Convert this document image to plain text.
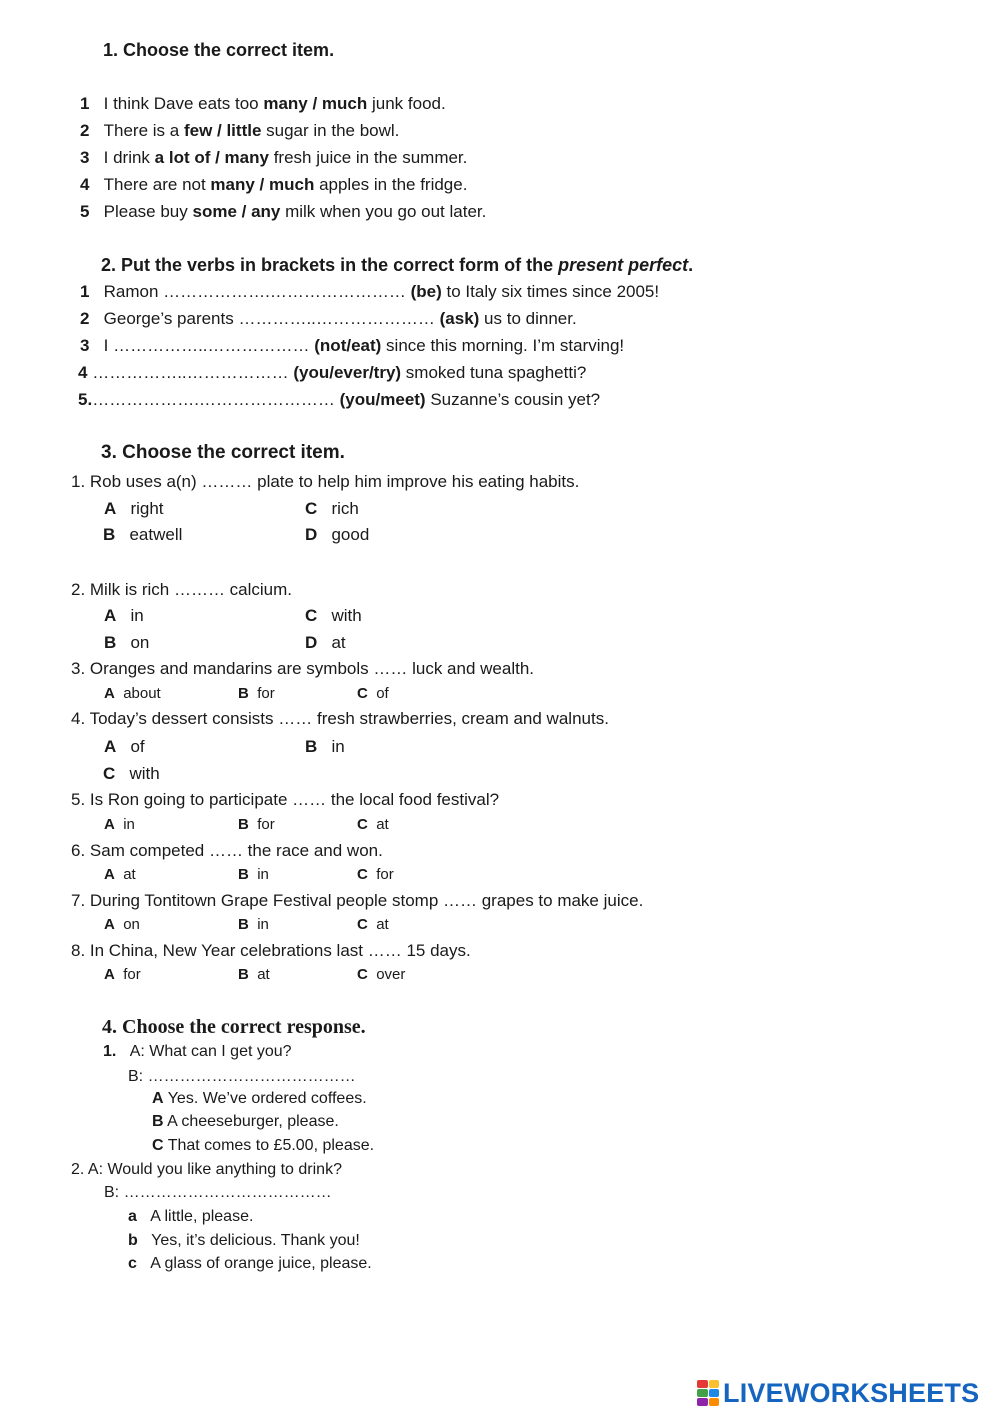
1. Choose the correct item.
1 I think Dave eats too many / much junk food.
2 There is a few / little sugar in the bowl.
3 I drink a lot of / many fresh juice in the summer.
4 There are not many / much apples in the fridge.
5 Please buy some / any milk when you go out later.
2. Put the verbs in brackets in the correct form of the present perfect.
1 Ramon ……………….…………………… (be) to Italy six times since 2005!
2 George’s parents …………..………………… (ask) us to dinner.
3 I ……………..……………… (not/eat) since this morning. I’m starving!
4 ……………..……………… (you/ever/try) smoked tuna spaghetti?
5.……………….…………………… (you/meet) Suzanne’s cousin yet?
3. Choose the correct item.
1. Rob uses a(n) ……… plate to help him improve his eating habits.
A right	C rich
B eatwell	D good
2. Milk is rich ……… calcium.
A in	C with
B on	D at
3. Oranges and mandarins are symbols …… luck and wealth.
A about	B for	C of
4. Today’s dessert consists …… fresh strawberries, cream and walnuts.
A of	B in
C with
5. Is Ron going to participate …… the local food festival?
A in	B for	C at
6. Sam competed …… the race and won.
A at	B in	C for
7. During Tontitown Grape Festival people stomp …… grapes to make juice.
A on	B in	C at
8. In China, New Year celebrations last …… 15 days.
A for	B at	C over
4. Choose the correct response.
1. A: What can I get you?
B: …………………………………
A Yes. We’ve ordered coffees.
B A cheeseburger, please.
C That comes to £5.00, please.
2. A: Would you like anything to drink?
B: …………………………………
a A little, please.
b Yes, it’s delicious. Thank you!
c A glass of orange juice, please.
LIVEWORKSHEETS
